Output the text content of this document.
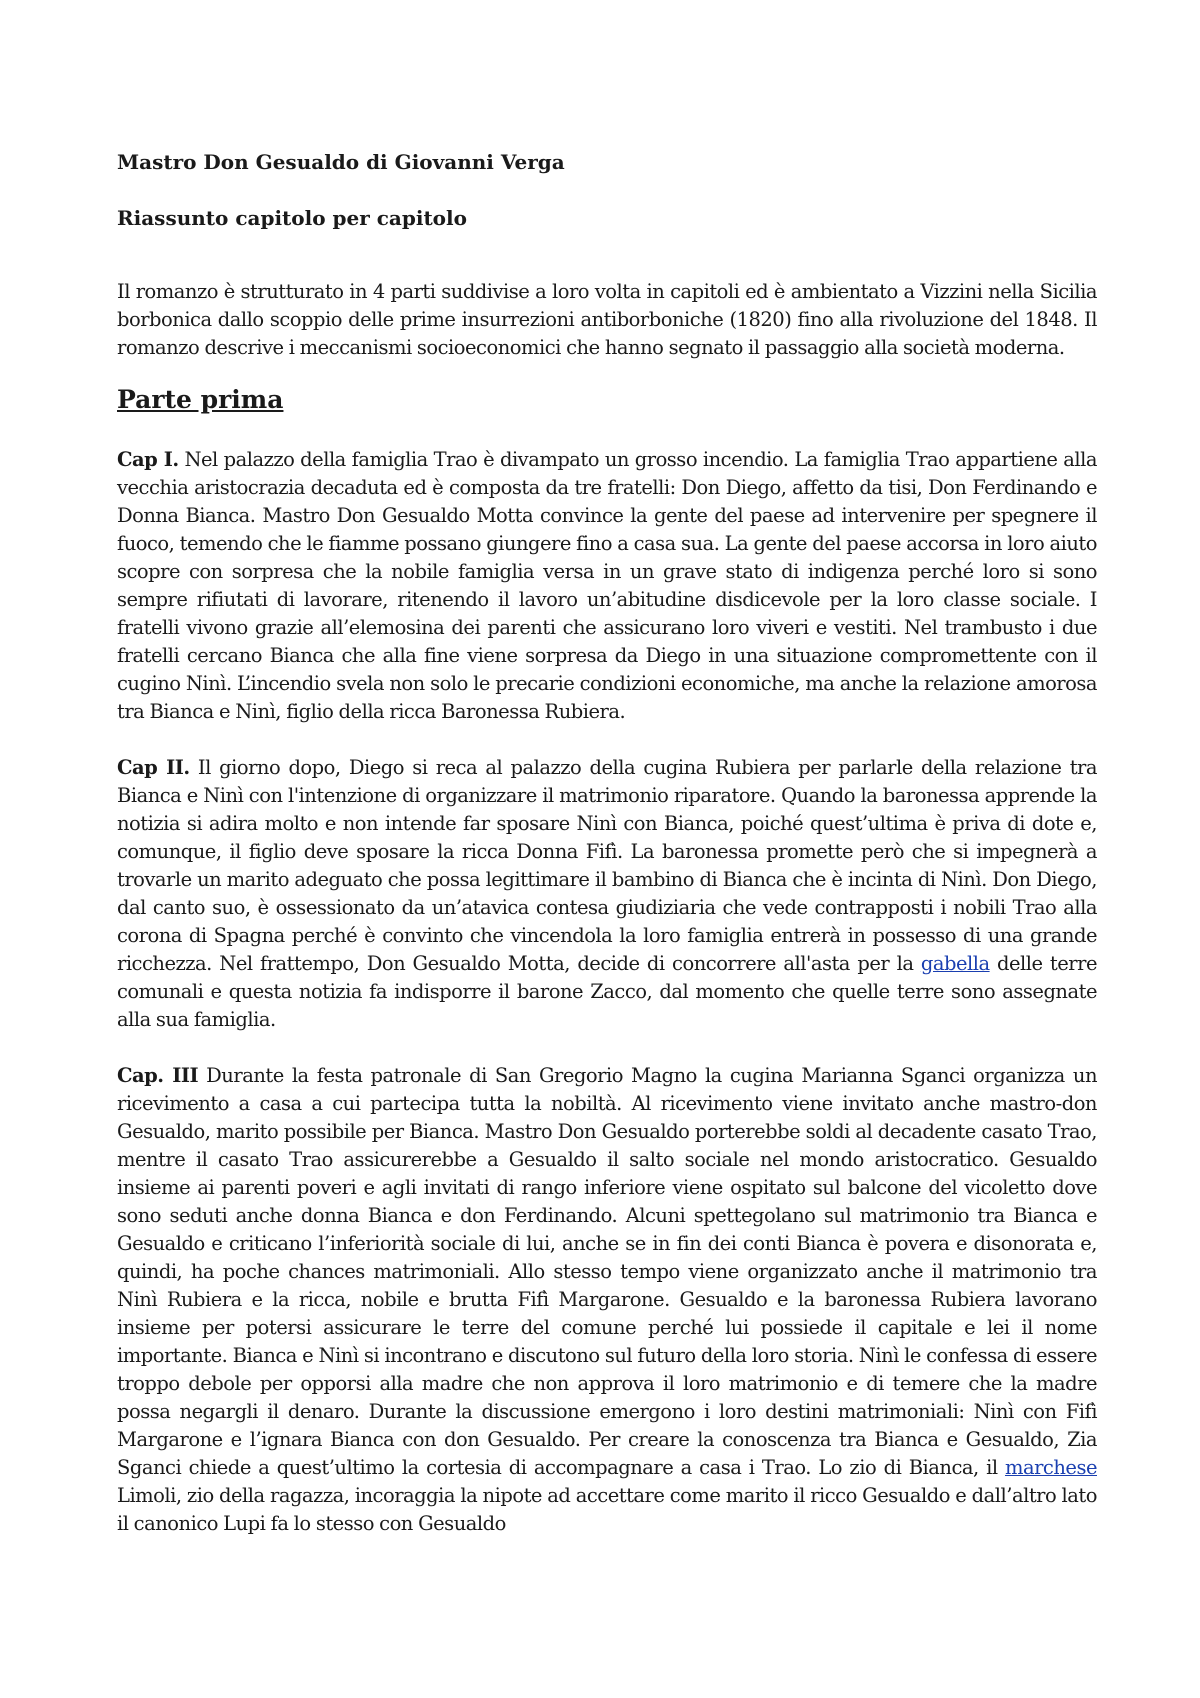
Mastro Don Gesualdo di Giovanni Verga
Riassunto capitolo per capitolo

Il romanzo è strutturato in 4 parti suddivise a loro volta in capitoli ed è ambientato a Vizzini nella Sicilia borbonica dallo scoppio delle prime insurrezioni antiborboniche (1820) fino alla rivoluzione del 1848. Il romanzo descrive i meccanismi socioeconomici che hanno segnato il passaggio alla società moderna.

Parte prima

Cap I. Nel palazzo della famiglia Trao è divampato un grosso incendio. La famiglia Trao appartiene alla vecchia aristocrazia decaduta ed è composta da tre fratelli: Don Diego, affetto da tisi, Don Ferdinando e Donna Bianca. Mastro Don Gesualdo Motta convince la gente del paese ad intervenire per spegnere il fuoco, temendo che le fiamme possano giungere fino a casa sua. La gente del paese accorsa in loro aiuto scopre con sorpresa che la nobile famiglia versa in un grave stato di indigenza perché loro si sono sempre rifiutati di lavorare, ritenendo il lavoro un’abitudine disdicevole per la loro classe sociale. I fratelli vivono grazie all’elemosina dei parenti che assicurano loro viveri e vestiti. Nel trambusto i due fratelli cercano Bianca che alla fine viene sorpresa da Diego in una situazione compromettente con il cugino Ninì. L’incendio svela non solo le precarie condizioni economiche, ma anche la relazione amorosa tra Bianca e Ninì, figlio della ricca Baronessa Rubiera.

Cap II. Il giorno dopo, Diego si reca al palazzo della cugina Rubiera per parlarle della relazione tra Bianca e Ninì con l'intenzione di organizzare il matrimonio riparatore. Quando la baronessa apprende la notizia si adira molto e non intende far sposare Ninì con Bianca, poiché quest’ultima è priva di dote e, comunque, il figlio deve sposare la ricca Donna Fifì. La baronessa promette però che si impegnerà a trovarle un marito adeguato che possa legittimare il bambino di Bianca che è incinta di Ninì. Don Diego, dal canto suo, è ossessionato da un’atavica contesa giudiziaria che vede contrapposti i nobili Trao alla corona di Spagna perché è convinto che vincendola la loro famiglia entrerà in possesso di una grande ricchezza. Nel frattempo, Don Gesualdo Motta, decide di concorrere all'asta per la gabella delle terre comunali e questa notizia fa indisporre il barone Zacco, dal momento che quelle terre sono assegnate alla sua famiglia.

Cap. III Durante la festa patronale di San Gregorio Magno la cugina Marianna Sganci organizza un ricevimento a casa a cui partecipa tutta la nobiltà. Al ricevimento viene invitato anche mastro-don Gesualdo, marito possibile per Bianca. Mastro Don Gesualdo porterebbe soldi al decadente casato Trao, mentre il casato Trao assicurerebbe a Gesualdo il salto sociale nel mondo aristocratico. Gesualdo insieme ai parenti poveri e agli invitati di rango inferiore viene ospitato sul balcone del vicoletto dove sono seduti anche donna Bianca e don Ferdinando. Alcuni spettegolano sul matrimonio tra Bianca e Gesualdo e criticano l’inferiorità sociale di lui, anche se in fin dei conti Bianca è povera e disonorata e, quindi, ha poche chances matrimoniali. Allo stesso tempo viene organizzato anche il matrimonio tra Ninì Rubiera e la ricca, nobile e brutta Fifì Margarone. Gesualdo e la baronessa Rubiera lavorano insieme per potersi assicurare le terre del comune perché lui possiede il capitale e lei il nome importante. Bianca e Ninì si incontrano e discutono sul futuro della loro storia. Ninì le confessa di essere troppo debole per opporsi alla madre che non approva il loro matrimonio e di temere che la madre possa negargli il denaro. Durante la discussione emergono i loro destini matrimoniali: Ninì con Fifì Margarone e l’ignara Bianca con don Gesualdo. Per creare la conoscenza tra Bianca e Gesualdo, Zia Sganci chiede a quest’ultimo la cortesia di accompagnare a casa i Trao. Lo zio di Bianca, il marchese Limoli, zio della ragazza, incoraggia la nipote ad accettare come marito il ricco Gesualdo e dall’altro lato il canonico Lupi fa lo stesso con Gesualdo
